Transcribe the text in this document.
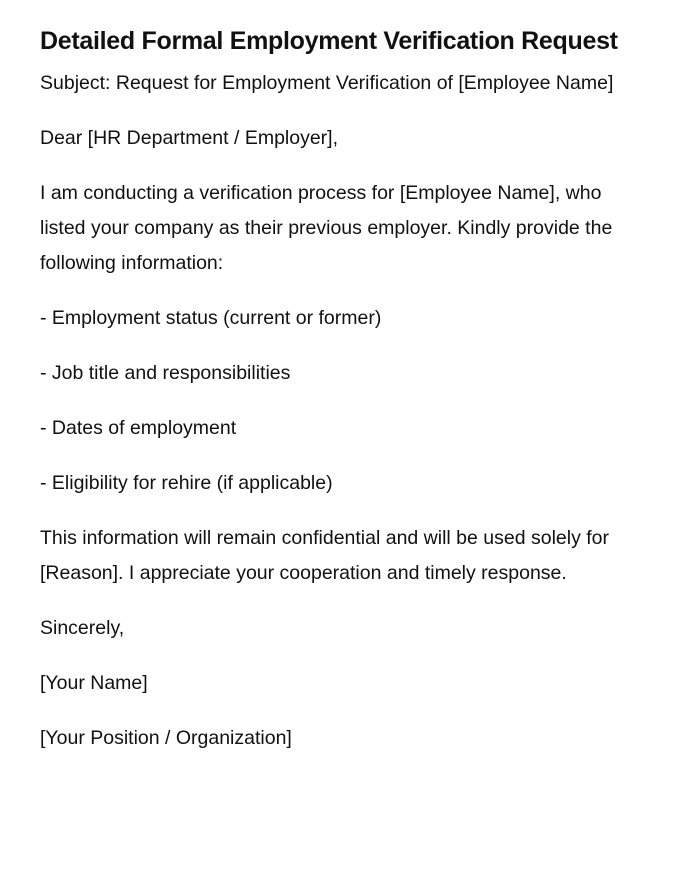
Detailed Formal Employment Verification Request

Subject: Request for Employment Verification of [Employee Name]

Dear [HR Department / Employer],

I am conducting a verification process for [Employee Name], who listed your company as their previous employer. Kindly provide the following information:

- Employment status (current or former)

- Job title and responsibilities

- Dates of employment

- Eligibility for rehire (if applicable)

This information will remain confidential and will be used solely for [Reason]. I appreciate your cooperation and timely response.

Sincerely,

[Your Name]

[Your Position / Organization]
